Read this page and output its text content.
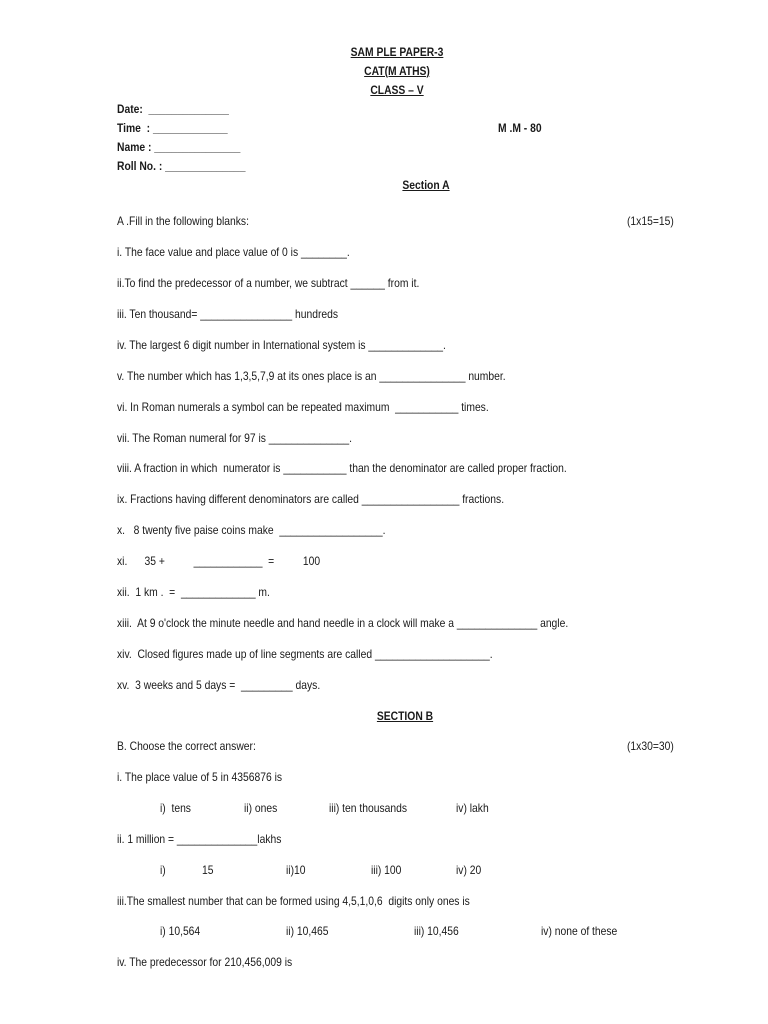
SAM PLE PAPER-3
CAT(M ATHS)
CLASS – V
Date:  ______________
Time  : _____________	M .M - 80
Name : _______________
Roll No. : ______________
Section A
A .Fill in the following blanks:	(1x15=15)
i. The face value and place value of 0 is ________.
ii.To find the predecessor of a number, we subtract ______ from it.
iii. Ten thousand= ________________ hundreds
iv. The largest 6 digit number in International system is _____________.
v. The number which has 1,3,5,7,9 at its ones place is an _______________ number.
vi. In Roman numerals a symbol can be repeated maximum  ___________ times.
vii. The Roman numeral for 97 is ______________.
viii. A fraction in which  numerator is ___________ than the denominator are called proper fraction.
ix. Fractions having different denominators are called _________________ fractions.
x.   8 twenty five paise coins make  __________________.
xi.      35 +          ____________  =          100
xii.  1 km .  =  _____________ m.
xiii.  At 9 o'clock the minute needle and hand needle in a clock will make a ______________ angle.
xiv.  Closed figures made up of line segments are called ____________________.
xv.  3 weeks and 5 days =  _________ days.
SECTION B
B. Choose the correct answer:	(1x30=30)
i. The place value of 5 in 4356876 is
i)  tens	ii) ones	iii) ten thousands	iv) lakh
ii. 1 million = ______________lakhs
i)	15	ii)10	iii) 100	iv) 20
iii.The smallest number that can be formed using 4,5,1,0,6  digits only ones is
i) 10,564	ii) 10,465	iii) 10,456	iv) none of these
iv. The predecessor for 210,456,009 is
